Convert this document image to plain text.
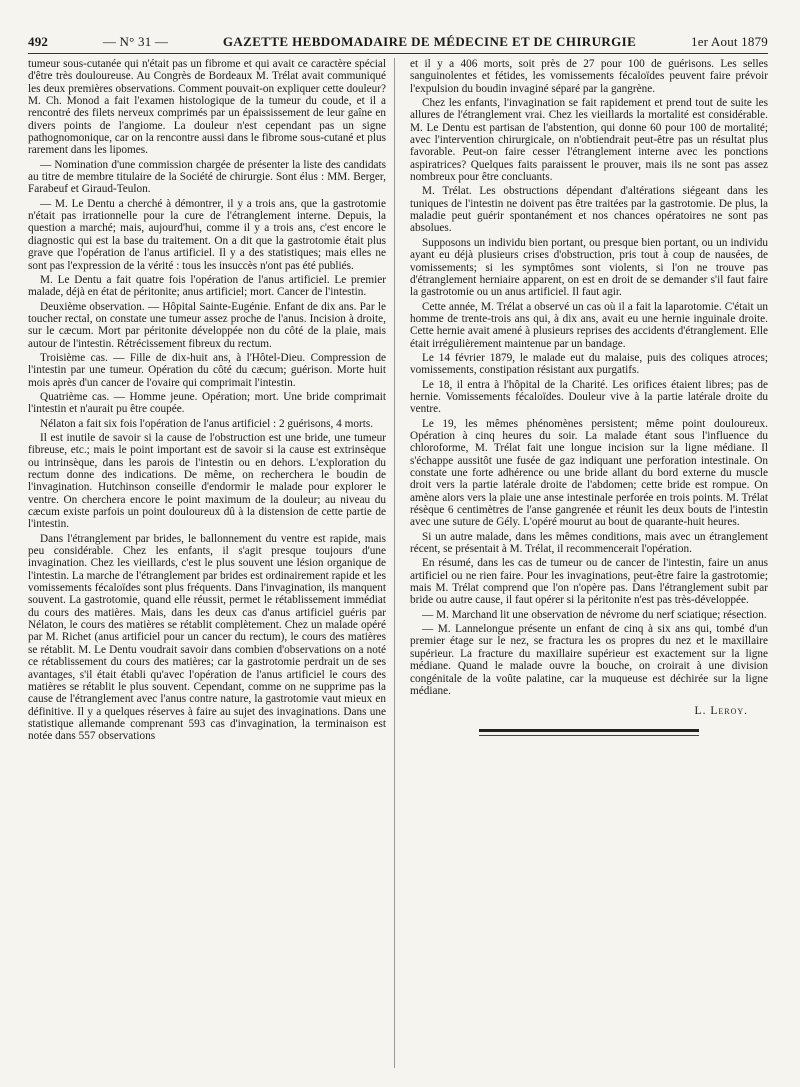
492	— N° 31 —	GAZETTE HEBDOMADAIRE DE MÉDECINE ET DE CHIRURGIE	1er Aout 1879

tumeur sous-cutanée qui n'était pas un fibrome et qui avait ce caractère spécial d'être très douloureuse. Au Congrès de Bordeaux M. Trélat avait communiqué les deux premières observations. Comment pouvait-on expliquer cette douleur? M. Ch. Monod a fait l'examen histologique de la tumeur du coude, et il a rencontré des filets nerveux comprimés par un épaississement de leur gaîne en divers points de l'angiome. La douleur n'est cependant pas un signe pathognomonique, car on la rencontre aussi dans le fibrome sous-cutané et plus rarement dans les lipomes.

— Nomination d'une commission chargée de présenter la liste des candidats au titre de membre titulaire de la Société de chirurgie. Sont élus : MM. Berger, Farabeuf et Giraud-Teulon.

— M. Le Dentu a cherché à démontrer, il y a trois ans, que la gastrotomie n'était pas irrationnelle pour la cure de l'étranglement interne. Depuis, la question a marché; mais, aujourd'hui, comme il y a trois ans, c'est encore le diagnostic qui est la base du traitement. On a dit que la gastrotomie était plus grave que l'opération de l'anus artificiel. Il y a des statistiques; mais elles ne sont pas l'expression de la vérité : tous les insuccès n'ont pas été publiés.

M. Le Dentu a fait quatre fois l'opération de l'anus artificiel. Le premier malade, déjà en état de péritonite; anus artificiel; mort. Cancer de l'intestin.

Deuxième observation. — Hôpital Sainte-Eugénie. Enfant de dix ans. Par le toucher rectal, on constate une tumeur assez proche de l'anus. Incision à droite, sur le cæcum. Mort par péritonite développée non du côté de la plaie, mais autour de l'intestin. Rétrécissement fibreux du rectum.

Troisième cas. — Fille de dix-huit ans, à l'Hôtel-Dieu. Compression de l'intestin par une tumeur. Opération du côté du cæcum; guérison. Morte huit mois après d'un cancer de l'ovaire qui comprimait l'intestin.

Quatrième cas. — Homme jeune. Opération; mort. Une bride comprimait l'intestin et n'aurait pu être coupée.

Nélaton a fait six fois l'opération de l'anus artificiel : 2 guérisons, 4 morts.

Il est inutile de savoir si la cause de l'obstruction est une bride, une tumeur fibreuse, etc.; mais le point important est de savoir si la cause est extrinsèque ou intrinsèque, dans les parois de l'intestin ou en dehors. L'exploration du rectum donne des indications. De même, on recherchera le boudin de l'invagination. Hutchinson conseille d'endormir le malade pour explorer le ventre. On cherchera encore le point maximum de la douleur; au niveau du cæcum existe parfois un point douloureux dû à la distension de cette partie de l'intestin.

Dans l'étranglement par brides, le ballonnement du ventre est rapide, mais peu considérable. Chez les enfants, il s'agit presque toujours d'une invagination. Chez les vieillards, c'est le plus souvent une lésion organique de l'intestin. La marche de l'étranglement par brides est ordinairement rapide et les vomissements fécaloïdes sont plus fréquents. Dans l'invagination, ils manquent souvent. La gastrotomie, quand elle réussit, permet le rétablissement immédiat du cours des matières. Mais, dans les deux cas d'anus artificiel guéris par Nélaton, le cours des matières se rétablit complètement. Chez un malade opéré par M. Richet (anus artificiel pour un cancer du rectum), le cours des matières se rétablit. M. Le Dentu voudrait savoir dans combien d'observations on a noté ce rétablissement du cours des matières; car la gastrotomie perdrait un de ses avantages, s'il était établi qu'avec l'opération de l'anus artificiel le cours des matières se rétablit le plus souvent. Cependant, comme on ne supprime pas la cause de l'étranglement avec l'anus contre nature, la gastrotomie vaut mieux en définitive. Il y a quelques réserves à faire au sujet des invaginations. Dans une statistique allemande comprenant 593 cas d'invagination, la terminaison est notée dans 557 observations

et il y a 406 morts, soit près de 27 pour 100 de guérisons. Les selles sanguinolentes et fétides, les vomissements fécaloïdes peuvent faire prévoir l'expulsion du boudin invaginé séparé par la gangrène.

Chez les enfants, l'invagination se fait rapidement et prend tout de suite les allures de l'étranglement vrai. Chez les vieillards la mortalité est considérable. M. Le Dentu est partisan de l'abstention, qui donne 60 pour 100 de mortalité; avec l'intervention chirurgicale, on n'obtiendrait peut-être pas un résultat plus favorable. Peut-on faire cesser l'étranglement interne avec les ponctions aspiratrices? Quelques faits paraissent le prouver, mais ils ne sont pas assez nombreux pour être concluants.

M. Trélat. Les obstructions dépendant d'altérations siégeant dans les tuniques de l'intestin ne doivent pas être traitées par la gastrotomie. De plus, la maladie peut guérir spontanément et nos chances opératoires ne sont pas absolues.

Supposons un individu bien portant, ou presque bien portant, ou un individu ayant eu déjà plusieurs crises d'obstruction, pris tout à coup de nausées, de vomissements; si les symptômes sont violents, si l'on ne trouve pas d'étranglement herniaire apparent, on est en droit de se demander s'il faut faire la gastrotomie ou un anus artificiel. Il faut agir.

Cette année, M. Trélat a observé un cas où il a fait la laparotomie. C'était un homme de trente-trois ans qui, à dix ans, avait eu une hernie inguinale droite. Cette hernie avait amené à plusieurs reprises des accidents d'étranglement. Elle était irrégulièrement maintenue par un bandage.

Le 14 février 1879, le malade eut du malaise, puis des coliques atroces; vomissements, constipation résistant aux purgatifs.

Le 18, il entra à l'hôpital de la Charité. Les orifices étaient libres; pas de hernie. Vomissements fécaloïdes. Douleur vive à la partie latérale droite du ventre.

Le 19, les mêmes phénomènes persistent; même point douloureux. Opération à cinq heures du soir. La malade étant sous l'influence du chloroforme, M. Trélat fait une longue incision sur la ligne médiane. Il s'échappe aussitôt une fusée de gaz indiquant une perforation intestinale. On constate une forte adhérence ou une bride allant du bord externe du muscle droit vers la partie latérale droite de l'abdomen; cette bride est rompue. On amène alors vers la plaie une anse intestinale perforée en trois points. M. Trélat résèque 6 centimètres de l'anse gangrenée et réunit les deux bouts de l'intestin avec une suture de Gély. L'opéré mourut au bout de quarante-huit heures.

Si un autre malade, dans les mêmes conditions, mais avec un étranglement récent, se présentait à M. Trélat, il recommencerait l'opération.

En résumé, dans les cas de tumeur ou de cancer de l'intestin, faire un anus artificiel ou ne rien faire. Pour les invaginations, peut-être faire la gastrotomie; mais M. Trélat comprend que l'on n'opère pas. Dans l'étranglement subit par bride ou autre cause, il faut opérer si la péritonite n'est pas très-développée.

— M. Marchand lit une observation de névrome du nerf sciatique; résection.

— M. Lannelongue présente un enfant de cinq à six ans qui, tombé d'un premier étage sur le nez, se fractura les os propres du nez et le maxillaire supérieur. La fracture du maxillaire supérieur est exactement sur la ligne médiane. Quand le malade ouvre la bouche, on croirait à une division congénitale de la voûte palatine, car la muqueuse est déchirée sur la ligne médiane.

L. Leroy.
